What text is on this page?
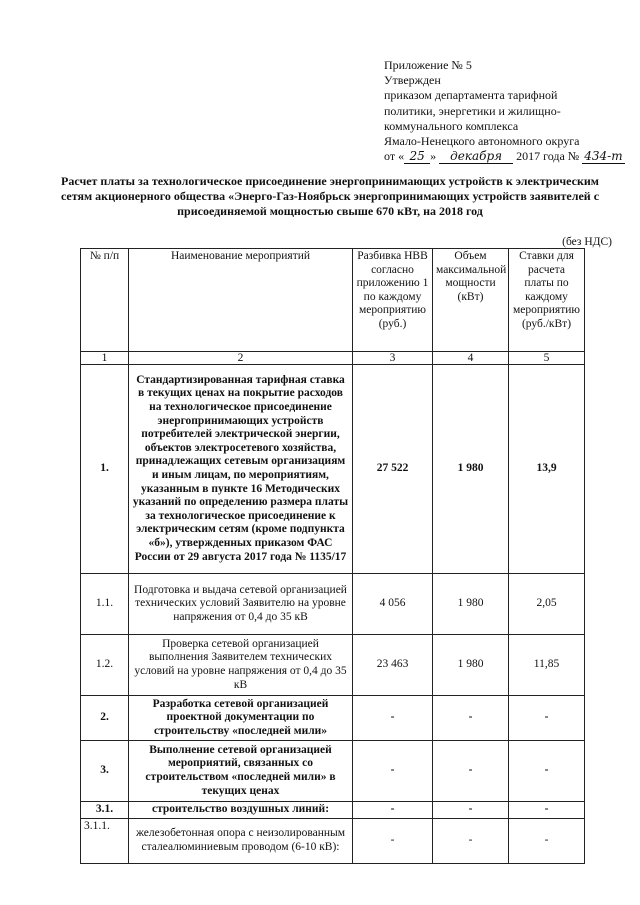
Приложение № 5
Утвержден
приказом департамента тарифной
политики, энергетики и жилищно-
коммунального комплекса
Ямало-Ненецкого автономного округа
от « 25 » декабря 2017 года № 434-т
Расчет платы за технологическое присоединение энергопринимающих устройств к электрическим сетям акционерного общества «Энерго-Газ-Ноябрьск энергопринимающих устройств заявителей с присоединяемой мощностью свыше 670 кВт, на 2018 год
(без НДС)
№ п/п	Наименование мероприятий	Разбивка НВВ согласно приложению 1 по каждому мероприятию (руб.)	Объем максимальной мощности (кВт)	Ставки для расчета платы по каждому мероприятию (руб./кВт)
1	2	3	4	5
1.	Стандартизированная тарифная ставка в текущих ценах на покрытие расходов на технологическое присоединение энергопринимающих устройств потребителей электрической энергии, объектов электросетевого хозяйства, принадлежащих сетевым организациям и иным лицам, по мероприятиям, указанным в пункте 16 Методических указаний по определению размера платы за технологическое присоединение к электрическим сетям (кроме подпункта «б»), утвержденных приказом ФАС России от 29 августа 2017 года № 1135/17	27 522	1 980	13,9
1.1.	Подготовка и выдача сетевой организацией технических условий Заявителю на уровне напряжения от 0,4 до 35 кВ	4 056	1 980	2,05
1.2.	Проверка сетевой организацией выполнения Заявителем технических условий на уровне напряжения от 0,4 до 35 кВ	23 463	1 980	11,85
2.	Разработка сетевой организацией проектной документации по строительству «последней мили»	-	-	-
3.	Выполнение сетевой организацией мероприятий, связанных со строительством «последней мили» в текущих ценах	-	-	-
3.1.	строительство воздушных линий:	-	-	-
3.1.1.	железобетонная опора с неизолированным сталеалюминиевым проводом (6-10 кВ):	-	-	-
